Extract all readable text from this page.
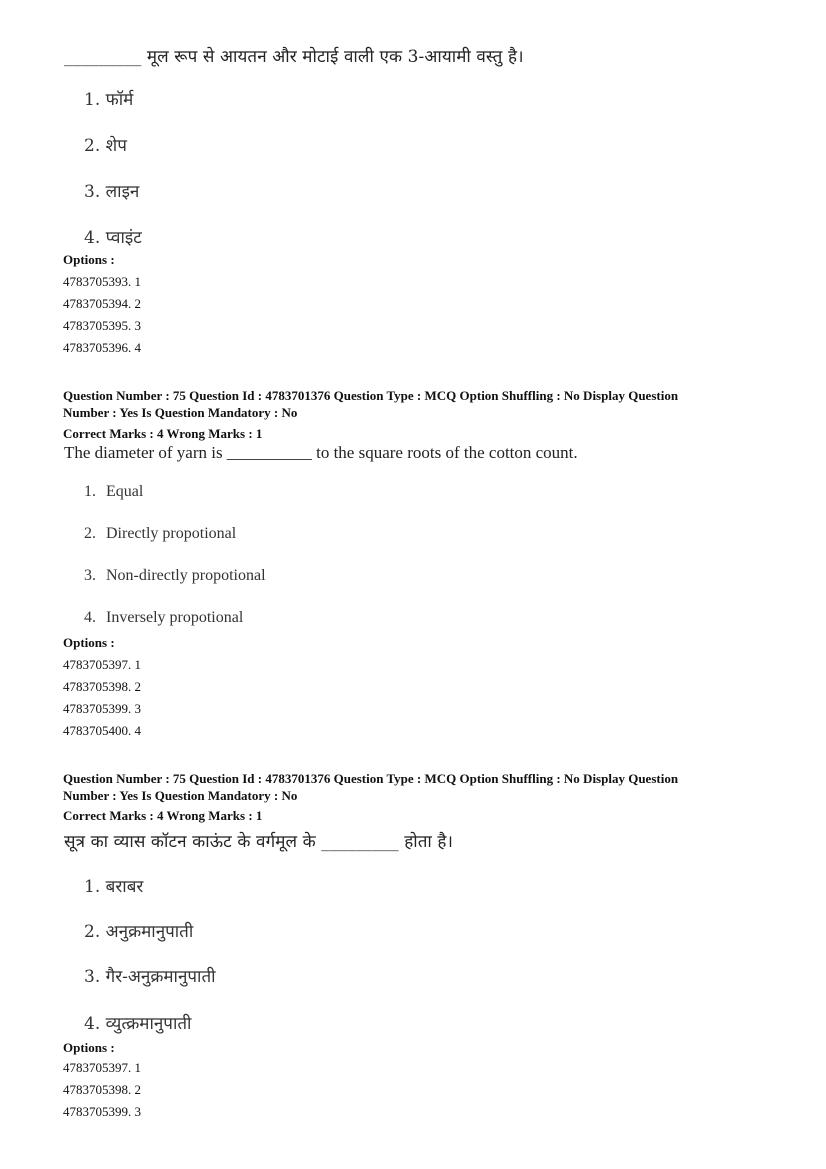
_________ मूल रूप से आयतन और मोटाई वाली एक 3-आयामी वस्तु है।
1. फॉर्म
2. शेप
3. लाइन
4. प्वाइंट
Options :
4783705393. 1
4783705394. 2
4783705395. 3
4783705396. 4
Question Number : 75 Question Id : 4783701376 Question Type : MCQ Option Shuffling : No Display Question
Number : Yes Is Question Mandatory : No
Correct Marks : 4 Wrong Marks : 1
The diameter of yarn is __________ to the square roots of the cotton count.
1. Equal
2. Directly propotional
3. Non-directly propotional
4. Inversely propotional
Options :
4783705397. 1
4783705398. 2
4783705399. 3
4783705400. 4
Question Number : 75 Question Id : 4783701376 Question Type : MCQ Option Shuffling : No Display Question
Number : Yes Is Question Mandatory : No
Correct Marks : 4 Wrong Marks : 1
सूत्र का व्यास कॉटन काऊंट के वर्गमूल के _________ होता है।
1. बराबर
2. अनुक्रमानुपाती
3. गैर-अनुक्रमानुपाती
4. व्युत्क्रमानुपाती
Options :
4783705397. 1
4783705398. 2
4783705399. 3
